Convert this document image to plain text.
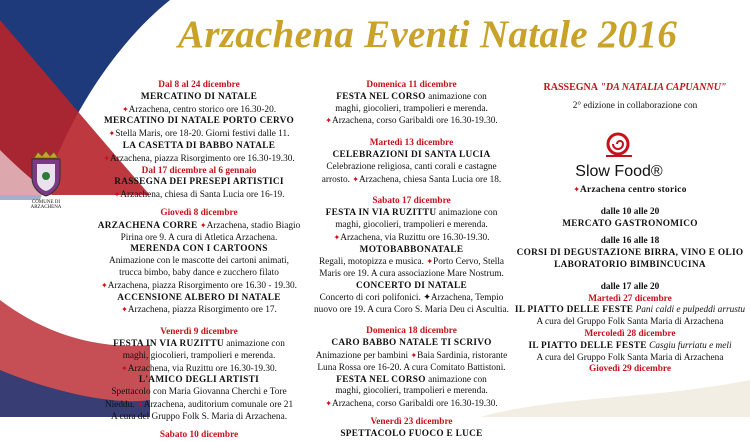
Arzachena Eventi Natale 2016
COMUNE DI ARZACHENA
Dal 8 al 24 dicembre
MERCATINO DI NATALE
✦Arzachena, centro storico ore 16.30-20.
MERCATINO DI NATALE PORTO CERVO
✦Stella Maris, ore 18-20. Giorni festivi dalle 11.
LA CASETTA DI BABBO NATALE
✦Arzachena, piazza Risorgimento ore 16.30-19.30.
Dal 17 dicembre al 6 gennaio
RASSEGNA DEI PRESEPI ARTISTICI
✦Arzachena, chiesa di Santa Lucia ore 16-19.
Giovedì 8 dicembre
ARZACHENA CORRE ✦Arzachena, stadio Biagio
Pirina ore 9. A cura di Atletica Arzachena.
MERENDA CON I CARTOONS
Animazione con le mascotte dei cartoni animati,
trucca bimbo, baby dance e zucchero filato
✦Arzachena, piazza Risorgimento ore 16.30 - 19.30.
ACCENSIONE ALBERO DI NATALE
✦Arzachena, piazza Risorgimento ore 17.
Venerdì 9 dicembre
FESTA IN VIA RUZITTU animazione con
maghi, giocolieri, trampolieri e merenda.
✦Arzachena, via Ruzittu ore 16.30-19.30.
L'AMICO DEGLI ARTISTI
Spettacolo con Maria Giovanna Cherchi e Tore
Nieddu. ✦Arzachena, auditorium comunale ore 21
A cura del Gruppo Folk S. Maria di Arzachena.
Sabato 10 dicembre
Domenica 11 dicembre
FESTA NEL CORSO animazione con
maghi, giocolieri, trampolieri e merenda.
✦Arzachena, corso Garibaldi ore 16.30-19.30.
Martedì 13 dicembre
CELEBRAZIONI DI SANTA LUCIA
Celebrazione religiosa, canti corali e castagne
arrosto. ✦Arzachena, chiesa Santa Lucia ore 18.
Sabato 17 dicembre
FESTA IN VIA RUZITTU animazione con
maghi, giocolieri, trampolieri e merenda.
✦Arzachena, via Ruzittu ore 16.30-19.30.
MOTOBABBONATALE
Regali, motopizza e musica. ✦Porto Cervo, Stella
Maris ore 19. A cura associazione Mare Nostrum.
CONCERTO DI NATALE
Concerto di cori polifonici. ✦Arzachena, Tempio
nuovo ore 19. A cura Coro S. Maria Deu ci Ascultia.
Domenica 18 dicembre
CARO BABBO NATALE TI SCRIVO
Animazione per bambini ✦Baia Sardinia, ristorante
Luna Rossa ore 16-20. A cura Comitato Battistoni.
FESTA NEL CORSO animazione con
maghi, giocolieri, trampolieri e merenda.
✦Arzachena, corso Garibaldi ore 16.30-19.30.
Venerdì 23 dicembre
SPETTACOLO FUOCO E LUCE
RASSEGNA "DA NATALIA CAPUANNU"
2° edizione in collaborazione con
Slow Food®
✦Arzachena centro storico
dalle 10 alle 20
MERCATO GASTRONOMICO
dalle 16 alle 18
CORSI DI DEGUSTAZIONE BIRRA, VINO E OLIO
LABORATORIO BIMBINCUCINA
dalle 17 alle 20
Martedì 27 dicembre
IL PIATTO DELLE FESTE Pani caldi e pulpeddi arrustu
A cura del Gruppo Folk Santa Maria di Arzachena
Mercoledì 28 dicembre
IL PIATTO DELLE FESTE Casgiu furriatu e meli
A cura del Gruppo Folk Santa Maria di Arzachena
Giovedì 29 dicembre
